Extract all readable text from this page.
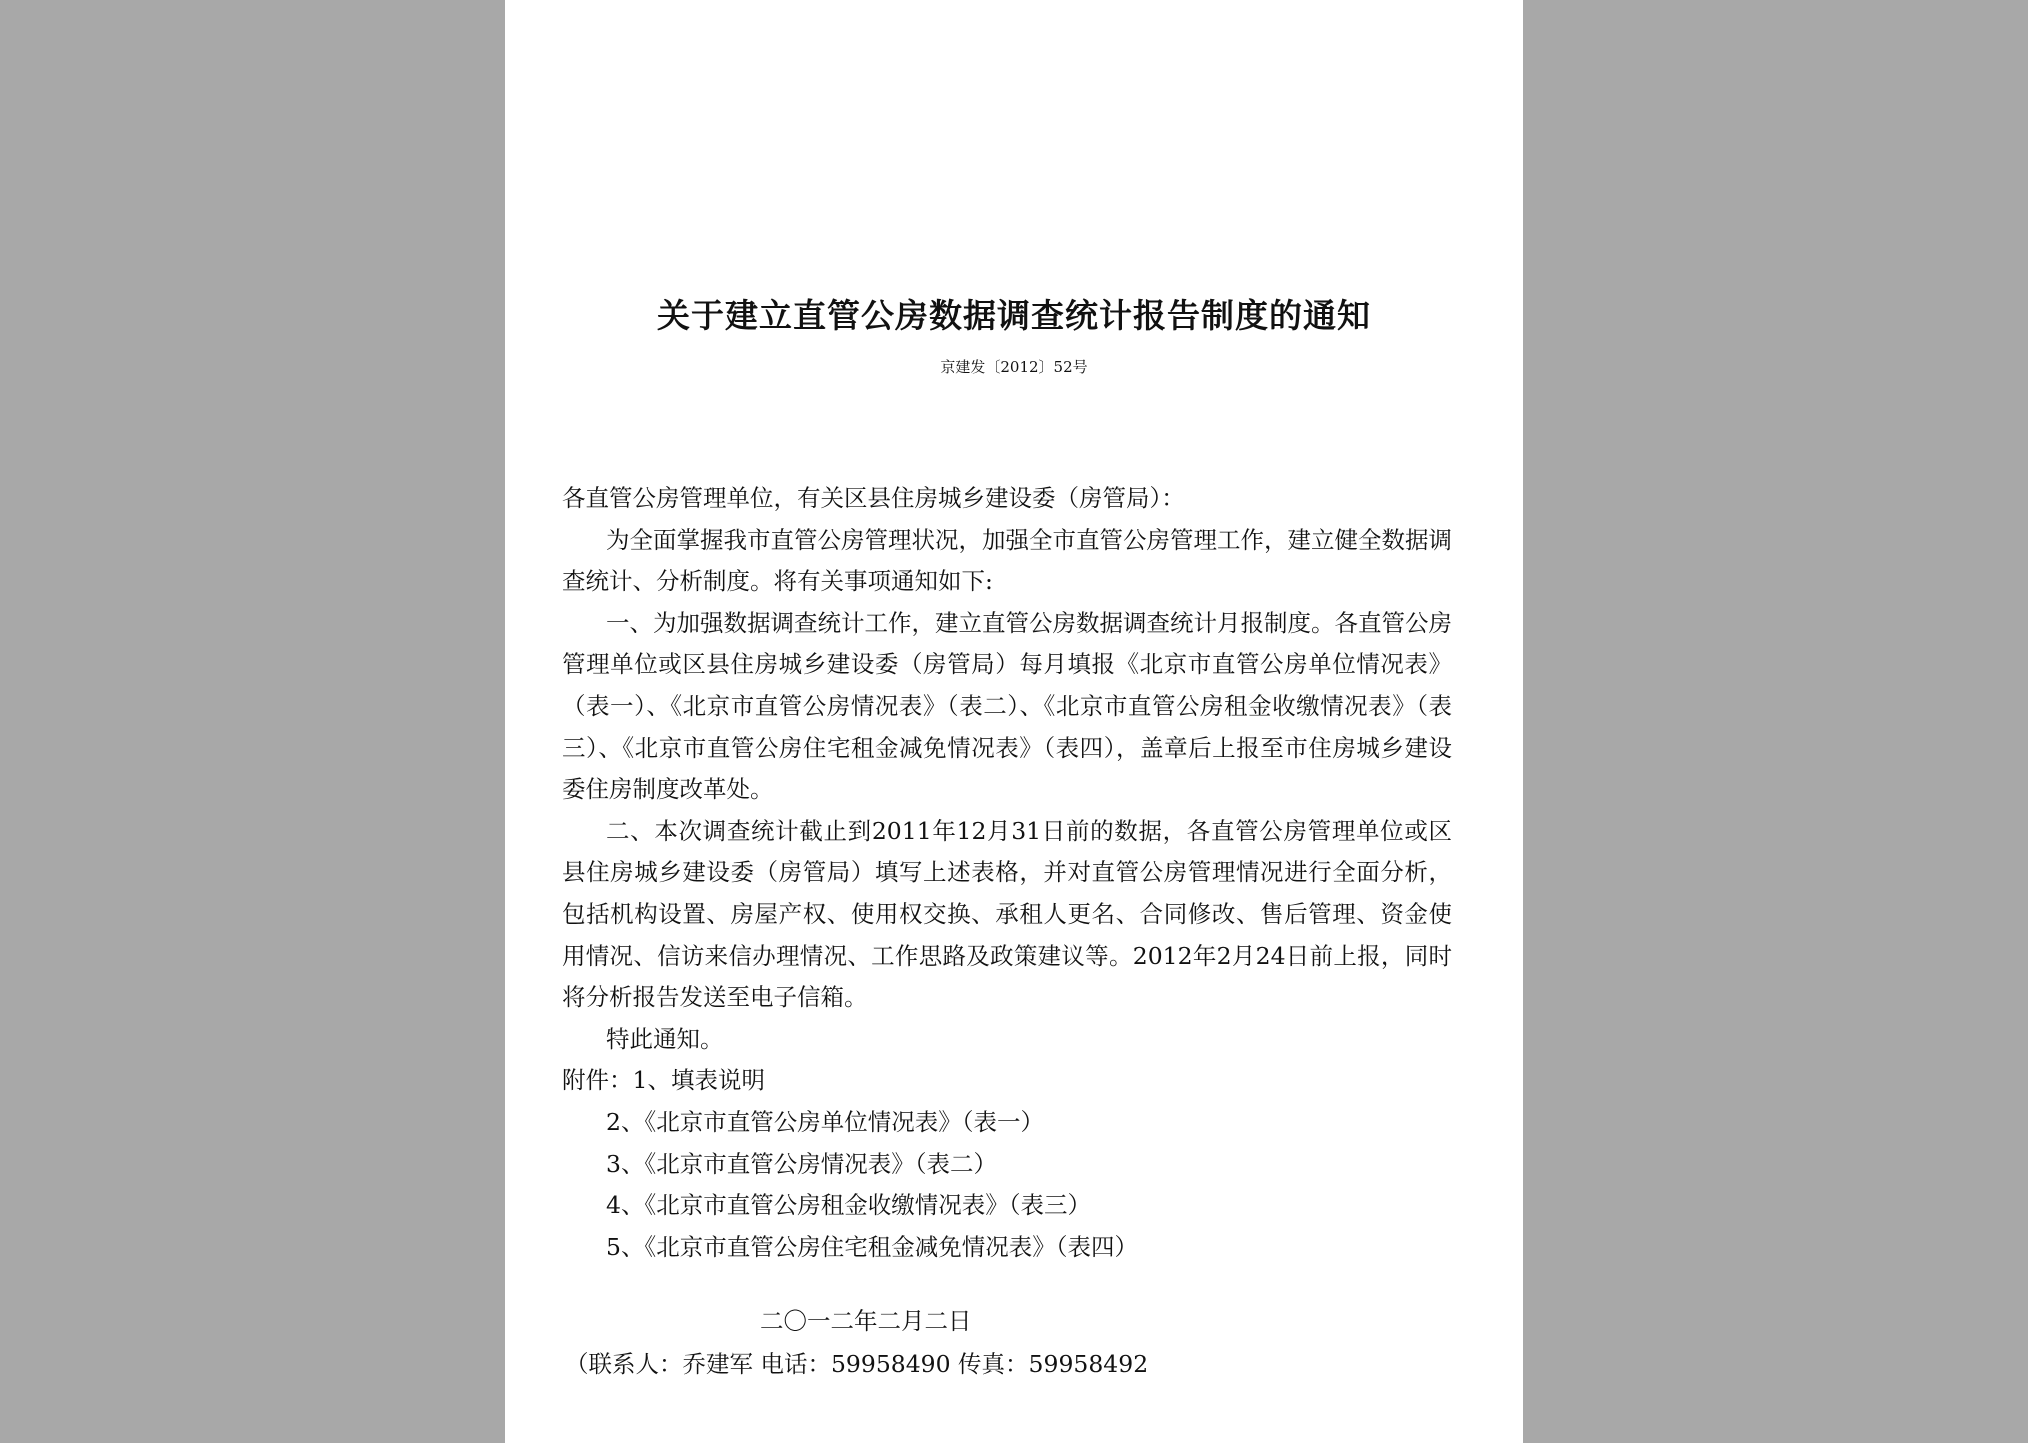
关于建立直管公房数据调查统计报告制度的通知
京建发〔2012〕52号

各直管公房管理单位，有关区县住房城乡建设委（房管局）：

为全面掌握我市直管公房管理状况，加强全市直管公房管理工作，建立健全数据调查统计、分析制度。将有关事项通知如下:

一、为加强数据调查统计工作，建立直管公房数据调查统计月报制度。各直管公房管理单位或区县住房城乡建设委（房管局）每月填报《北京市直管公房单位情况表》（表一）、《北京市直管公房情况表》（表二）、《北京市直管公房租金收缴情况表》（表三）、《北京市直管公房住宅租金减免情况表》（表四），盖章后上报至市住房城乡建设委住房制度改革处。

二、本次调查统计截止到2011年12月31日前的数据，各直管公房管理单位或区县住房城乡建设委（房管局）填写上述表格，并对直管公房管理情况进行全面分析，包括机构设置、房屋产权、使用权交换、承租人更名、合同修改、售后管理、资金使用情况、信访来信办理情况、工作思路及政策建议等。2012年2月24日前上报，同时将分析报告发送至电子信箱。

特此通知。

附件：1、填表说明

2、《北京市直管公房单位情况表》（表一）

3、《北京市直管公房情况表》（表二）

4、《北京市直管公房租金收缴情况表》（表三）

5、《北京市直管公房住宅租金减免情况表》（表四）

二〇一二年二月二日
（联系人：乔建军 电话：59958490 传真：59958492
